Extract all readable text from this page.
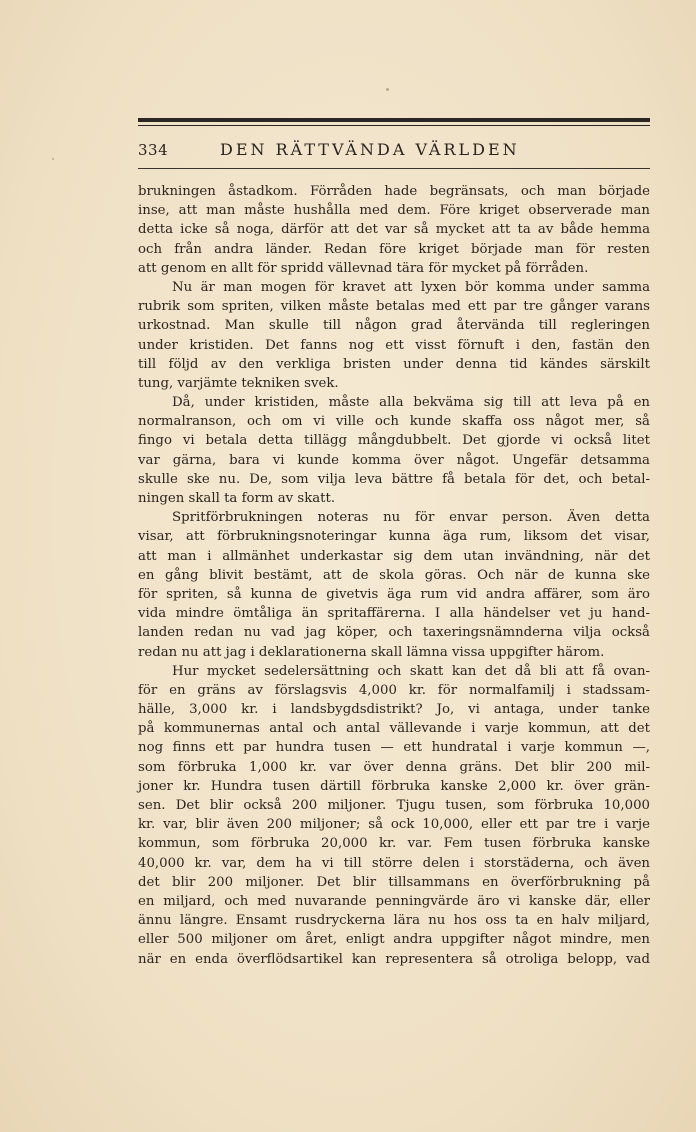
334	DEN RÄTTVÄNDA VÄRLDEN
brukningen åstadkom. Förråden hade begränsats, och man började
inse, att man måste hushålla med dem. Före kriget observerade man
detta icke så noga, därför att det var så mycket att ta av både hemma
och från andra länder. Redan före kriget började man för resten
att genom en allt för spridd vällevnad tära för mycket på förråden.
Nu är man mogen för kravet att lyxen bör komma under samma
rubrik som spriten, vilken måste betalas med ett par tre gånger varans
urkostnad. Man skulle till någon grad återvända till regleringen
under kristiden. Det fanns nog ett visst förnuft i den, fastän den
till följd av den verkliga bristen under denna tid kändes särskilt
tung, varjämte tekniken svek.
Då, under kristiden, måste alla bekväma sig till att leva på en
normalranson, och om vi ville och kunde skaffa oss något mer, så
fingo vi betala detta tillägg mångdubbelt. Det gjorde vi också litet
var gärna, bara vi kunde komma över något. Ungefär detsamma
skulle ske nu. De, som vilja leva bättre få betala för det, och betal-
ningen skall ta form av skatt.
Spritförbrukningen noteras nu för envar person. Även detta
visar, att förbrukningsnoteringar kunna äga rum, liksom det visar,
att man i allmänhet underkastar sig dem utan invändning, när det
en gång blivit bestämt, att de skola göras. Och när de kunna ske
för spriten, så kunna de givetvis äga rum vid andra affärer, som äro
vida mindre ömtåliga än spritaffärerna. I alla händelser vet ju hand-
landen redan nu vad jag köper, och taxeringsnämnderna vilja också
redan nu att jag i deklarationerna skall lämna vissa uppgifter härom.
Hur mycket sedelersättning och skatt kan det då bli att få ovan-
för en gräns av förslagsvis 4,000 kr. för normalfamilj i stadssam-
hälle, 3,000 kr. i landsbygdsdistrikt? Jo, vi antaga, under tanke
på kommunernas antal och antal vällevande i varje kommun, att det
nog finns ett par hundra tusen — ett hundratal i varje kommun —,
som förbruka 1,000 kr. var över denna gräns. Det blir 200 mil-
joner kr. Hundra tusen därtill förbruka kanske 2,000 kr. över grän-
sen. Det blir också 200 miljoner. Tjugu tusen, som förbruka 10,000
kr. var, blir även 200 miljoner; så ock 10,000, eller ett par tre i varje
kommun, som förbruka 20,000 kr. var. Fem tusen förbruka kanske
40,000 kr. var, dem ha vi till större delen i storstäderna, och även
det blir 200 miljoner. Det blir tillsammans en överförbrukning på
en miljard, och med nuvarande penningvärde äro vi kanske där, eller
ännu längre. Ensamt rusdryckerna lära nu hos oss ta en halv miljard,
eller 500 miljoner om året, enligt andra uppgifter något mindre, men
när en enda överflödsartikel kan representera så otroliga belopp, vad
